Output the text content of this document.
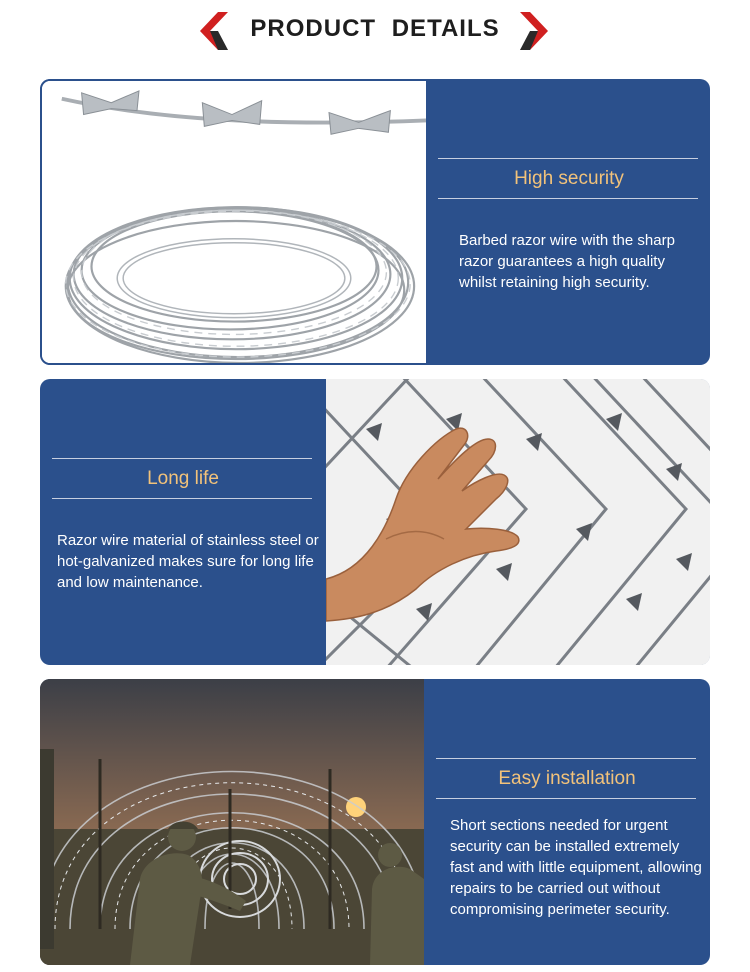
PRODUCT DETAILS
High security
Barbed razor wire with the sharp razor guarantees a high quality whilst retaining high security.
Long life
Razor wire material of stainless steel or hot-galvanized makes sure for long life and low maintenance.
Easy installation
Short sections needed for urgent security can be installed extremely fast and with little equipment, allowing repairs to be carried out without compromising perimeter security.
